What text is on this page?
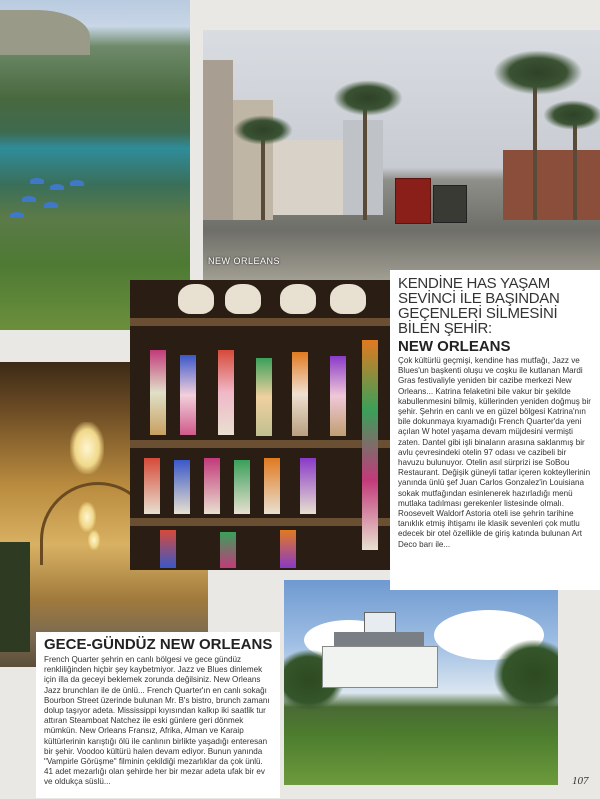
NEW ORLEANS
KENDİNE HAS YAŞAM SEVİNCİ İLE BAŞINDAN GEÇENLERİ SİLMESİNİ BİLEN ŞEHİR:
NEW ORLEANS

Çok kültürlü geçmişi, kendine has mutfağı, Jazz ve Blues'un başkenti oluşu ve coşku ile kutlanan Mardi Gras festivaliyle yeniden bir cazibe merkezi New Orleans... Katrina felaketini bile vakur bir şekilde kabullenmesini bilmiş, küllerinden yeniden doğmuş bir şehir. Şehrin en canlı ve en güzel bölgesi Katrina'nın bile dokunmaya kıyamadığı French Quarter'da yeni açılan W hotel yaşama devam müjdesini vermişti zaten. Dantel gibi işli binaların arasına saklanmış bir avlu çevresindeki otelin 97 odası ve cazibeli bir havuzu bulunuyor. Otelin asıl sürprizi ise SoBou Restaurant. Değişik güneyli tatlar içeren kokteyllerinin yanında ünlü şef Juan Carlos Gonzalez'in Louisiana sokak mutfağından esinlenerek hazırladığı menü mutlaka tadılması gerekenler listesinde olmalı. Roosevelt Waldorf Astoria oteli ise şehrin tarihine tanıklık etmiş ihtişamı ile klasik sevenleri çok mutlu edecek bir otel özellikle de giriş katında bulunan Art Deco barı ile...

GECE-GÜNDÜZ NEW ORLEANS

French Quarter şehrin en canlı bölgesi ve gece gündüz renkliliğinden hiçbir şey kaybetmiyor. Jazz ve Blues dinlemek için illa da geceyi beklemek zorunda değilsiniz. New Orleans Jazz brunchları ile de ünlü... French Quarter'ın en canlı sokağı Bourbon Street üzerinde bulunan Mr. B's bistro, brunch zamanı dolup taşıyor adeta. Mississippi kıyısından kalkıp iki saatlik tur attıran Steamboat Natchez ile eski günlere geri dönmek mümkün. New Orleans Fransız, Afrika, Alman ve Karaip kültürlerinin karıştığı ölü ile canlının birlikte yaşadığı enteresan bir şehir. Voodoo kültürü halen devam ediyor. Bunun yanında "Vampirle Görüşme" filminin çekildiği mezarlıklar da çok ünlü. 41 adet mezarlığı olan şehirde her bir mezar adeta ufak bir ev ve oldukça süslü...	107
